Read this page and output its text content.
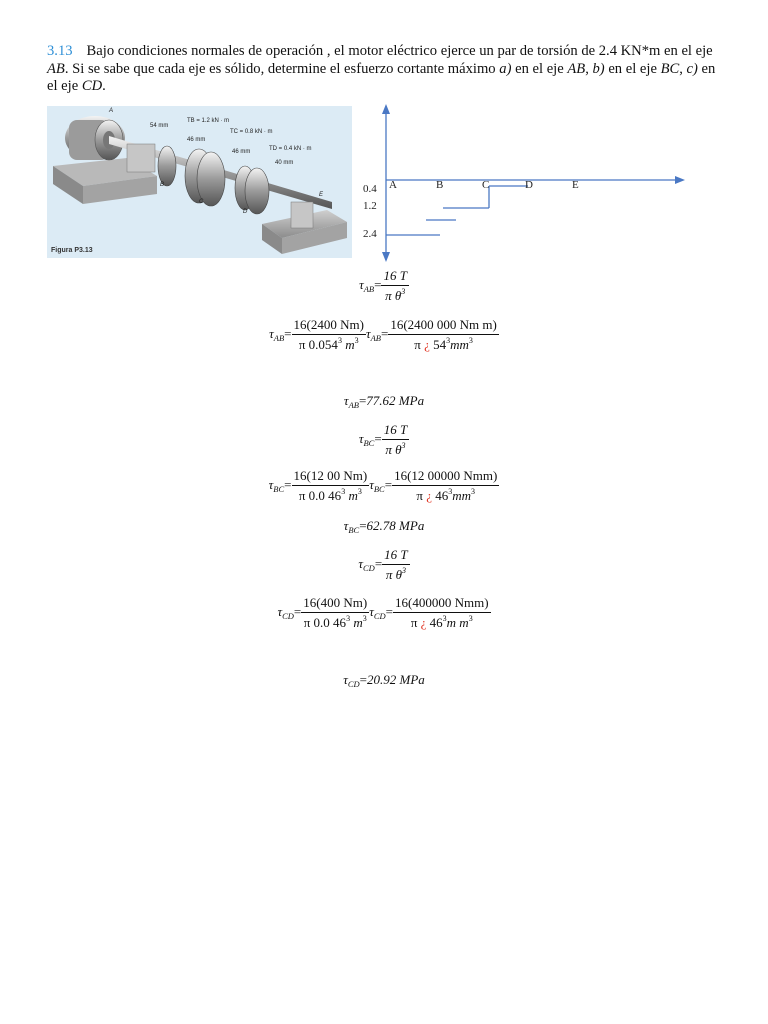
3.13 Bajo condiciones normales de operación , el motor eléctrico ejerce un par de torsión de 2.4 KN*m en el eje AB. Si se sabe que cada eje es sólido, determine el esfuerzo cortante máximo a) en el eje AB, b) en el eje BC, c) en el eje CD.
A
B
C
D
E
54 mm
46 mm
46 mm
40 mm
TB = 1.2 kN · m
TC = 0.8 kN · m
TD = 0.4 kN · m
Figura P3.13
A	B	C	D	E
0.4
1.2
2.4
$\tau_{AB}= \frac{16 T}{\pi \theta^3}$
$\tau_{AB}= \frac{16(2400 Nm)}{\pi 0.054^3 m^3} \tau_{AB}= \frac{\text{16(2400 000 Nm m)}}{\pi ¿ 54^3mm^3}$
$\tau_{AB}=77.62$ MPa
$\tau_{BC}= \frac{16 T}{\pi \theta^3}$
$\tau_{BC}= \frac{16(12 00 Nm)}{\pi 0.0 46^3 m^3} \tau_{BC}= \frac{\text{16(12 00000 Nmm)}}{\pi ¿ 46^3mm^3}$
$\tau_{BC}=62.78$ MPa
$\tau_{CD}= \frac{16 T}{\pi \theta^3}$
$\tau_{CD}= \frac{16(400 Nm)}{\pi 0.0 46^3 m^3} \tau_{CD}= \frac{\text{16(400000 Nmm)}}{\pi ¿ 46^3m m^3}$
$\tau_{CD}=20.92$ MPa
